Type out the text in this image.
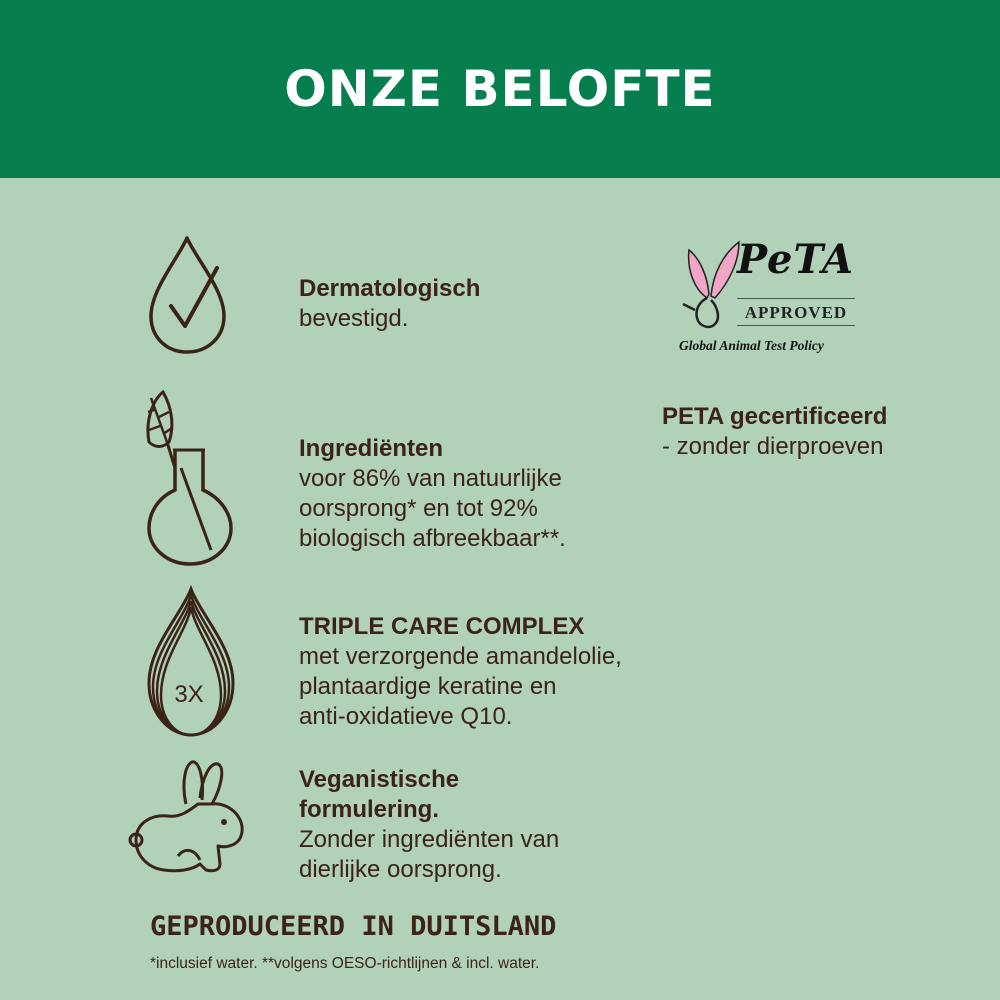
ONZE BELOFTE
3X
Dermatologisch
bevestigd.
Ingrediënten
voor 86% van natuurlijke
oorsprong* en tot 92%
biologisch afbreekbaar**.
TRIPLE CARE COMPLEX
met verzorgende amandelolie,
plantaardige keratine en
anti-oxidatieve Q10.
Veganistische
formulering.
Zonder ingrediënten van
dierlijke oorsprong.
PeTA
APPROVED
Global Animal Test Policy
PETA gecertificeerd
- zonder dierproeven
GEPRODUCEERD IN DUITSLAND
*inclusief water. **volgens OESO-richtlijnen & incl. water.
